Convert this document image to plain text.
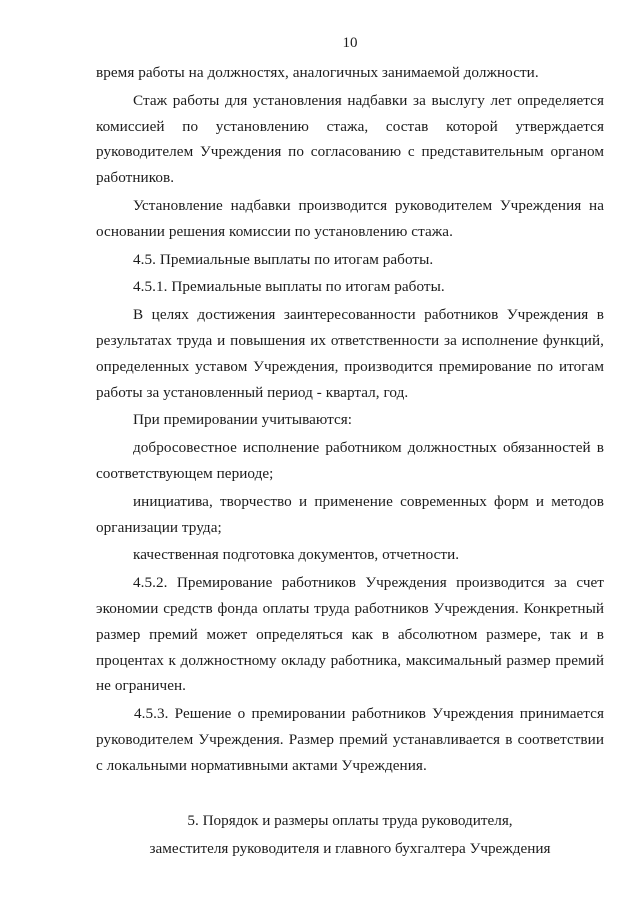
10

время работы на должностях, аналогичных занимаемой должности.

Стаж работы для установления надбавки за выслугу лет определяется комиссией по установлению стажа, состав которой утверждается руководителем Учреждения по согласованию с представительным органом работников.

Установление надбавки производится руководителем Учреждения на основании решения комиссии по установлению стажа.

4.5. Премиальные выплаты по итогам работы.

4.5.1. Премиальные выплаты по итогам работы.

В целях достижения заинтересованности работников Учреждения в результатах труда и повышения их ответственности за исполнение функций, определенных уставом Учреждения, производится премирование по итогам работы за установленный период - квартал, год.

При премировании учитываются:

добросовестное исполнение работником должностных обязанностей в соответствующем периоде;

инициатива, творчество и применение современных форм и методов организации труда;

качественная подготовка документов, отчетности.

4.5.2. Премирование работников Учреждения производится за счет экономии средств фонда оплаты труда работников Учреждения. Конкретный размер премий может определяться как в абсолютном размере, так и в процентах к должностному окладу работника, максимальный размер премий не ограничен.

4.5.3. Решение о премировании работников Учреждения принимается руководителем Учреждения. Размер премий устанавливается в соответствии с локальными нормативными актами Учреждения.

5. Порядок и размеры оплаты труда руководителя,
заместителя руководителя и главного бухгалтера Учреждения
